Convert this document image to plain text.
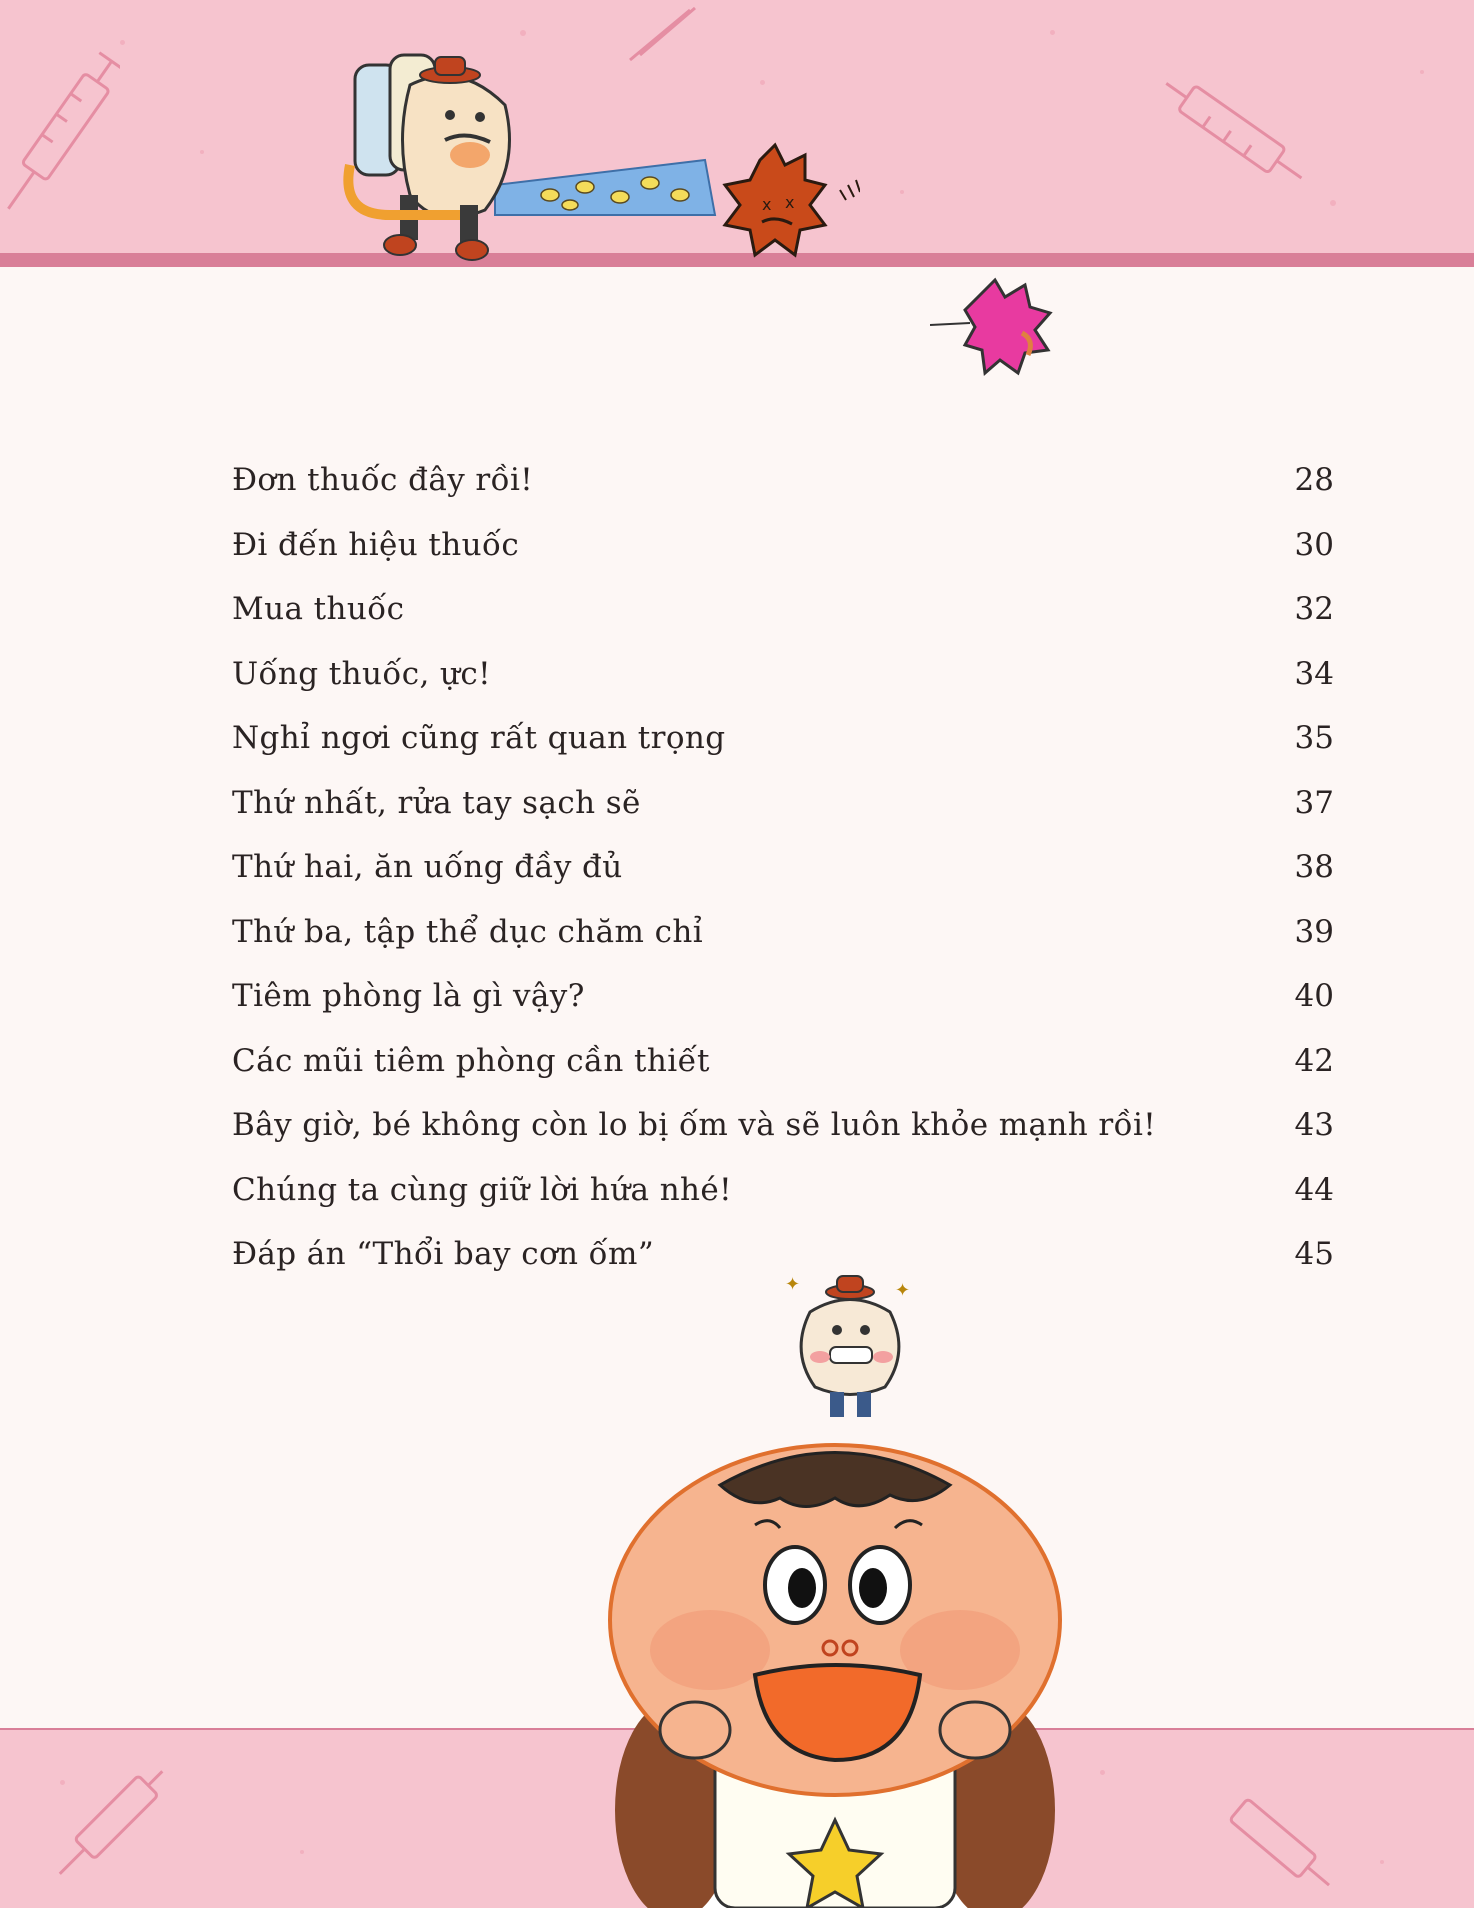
x x
Đơn thuốc đây rồi!	28
Đi đến hiệu thuốc	30
Mua thuốc	32
Uống thuốc, ực!	34
Nghỉ ngơi cũng rất quan trọng	35
Thứ nhất, rửa tay sạch sẽ	37
Thứ hai, ăn uống đầy đủ	38
Thứ ba, tập thể dục chăm chỉ	39
Tiêm phòng là gì vậy?	40
Các mũi tiêm phòng cần thiết	42
Bây giờ, bé không còn lo bị ốm và sẽ luôn khỏe mạnh rồi!	43
Chúng ta cùng giữ lời hứa nhé!	44
Đáp án “Thổi bay cơn ốm”	45
✦	✦
